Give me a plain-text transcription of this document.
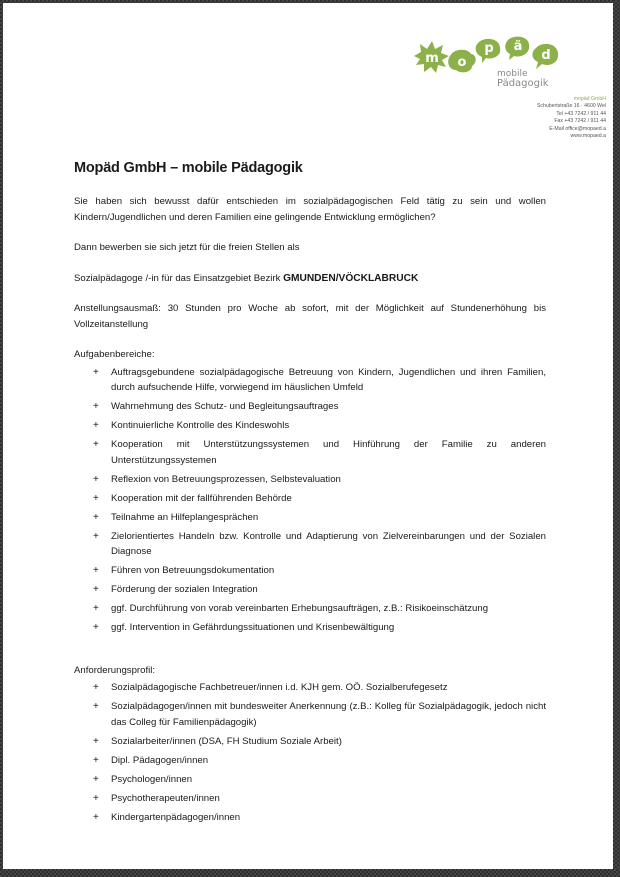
m o
p ä
d
mobile
Pädagogik
mopäd GmbH
Schubertstraße 16 · 4600 Wel
Tel +43 7242 / 911 44
Fax +43 7242 / 911 44
E-Mail office@mopaed.a
www.mopaed.a
Mopäd GmbH – mobile Pädagogik

Sie haben sich bewusst dafür entschieden im sozialpädagogischen Feld tätig zu sein und wollen Kindern/Jugendlichen und deren Familien eine gelingende Entwicklung ermöglichen?

Dann bewerben sie sich jetzt für die freien Stellen als

Sozialpädagoge /-in für das Einsatzgebiet Bezirk GMUNDEN/VÖCKLABRUCK

Anstellungsausmaß: 30 Stunden pro Woche ab sofort, mit der Möglichkeit auf Stundenerhöhung bis Vollzeitanstellung

Aufgabenbereiche:

+ Auftragsgebundene sozialpädagogische Betreuung von Kindern, Jugendlichen und ihren Familien, durch aufsuchende Hilfe, vorwiegend im häuslichen Umfeld
+ Wahrnehmung des Schutz- und Begleitungsauftrages
+ Kontinuierliche Kontrolle des Kindeswohls
+ Kooperation mit Unterstützungssystemen und Hinführung der Familie zu anderen Unterstützungssystemen
+ Reflexion von Betreuungsprozessen, Selbstevaluation
+ Kooperation mit der fallführenden Behörde
+ Teilnahme an Hilfeplangesprächen
+ Zielorientiertes Handeln bzw. Kontrolle und Adaptierung von Zielvereinbarungen und der Sozialen Diagnose
+ Führen von Betreuungsdokumentation
+ Förderung der sozialen Integration
+ ggf. Durchführung von vorab vereinbarten Erhebungsaufträgen, z.B.: Risikoeinschätzung
+ ggf. Intervention in Gefährdungssituationen und Krisenbewältigung

Anforderungsprofil:

+ Sozialpädagogische Fachbetreuer/innen i.d. KJH gem. OÖ. Sozialberufegesetz
+ Sozialpädagogen/innen mit bundesweiter Anerkennung (z.B.: Kolleg für Sozialpädagogik, jedoch nicht das Colleg für Familienpädagogik)
+ Sozialarbeiter/innen (DSA, FH Studium Soziale Arbeit)
+ Dipl. Pädagogen/innen
+ Psychologen/innen
+ Psychotherapeuten/innen
+ Kindergartenpädagogen/innen
